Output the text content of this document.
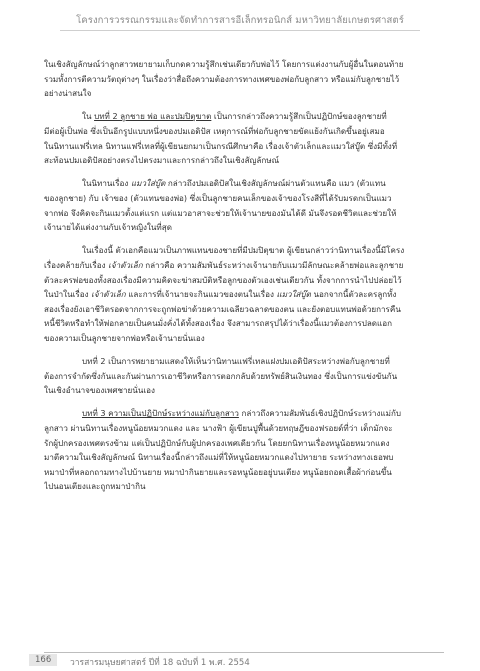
โครงการวรรณกรรมและจัดทำการสารอีเล็กทรอนิกส์ มหาวิทยาลัยเกษตรศาสตร์
ในเชิงสัญลักษณ์ว่าลูกสาวพยายามเก็บกดความรู้สึกเช่นเดียวกับพ่อไว้ โดยการแต่งงานกับผู้อื่นในตอนท้าย
รวมทั้งการตีความวัตถุต่างๆ ในเรื่องว่าสื่อถึงความต้องการทางเพศของพ่อกับลูกสาว หรือแม่กับลูกชายไว้
อย่างน่าสนใจ
ใน บทที่ 2 ลูกชาย พ่อ และปมปิตุฆาต เป็นการกล่าวถึงความรู้สึกเป็นปฏิปักษ์ของลูกชายที่
มีต่อผู้เป็นพ่อ ซึ่งเป็นอีกรูปแบบหนึ่งของปมเอดิปัส เหตุการณ์ที่พ่อกับลูกชายขัดแย้งกันเกิดขึ้นอยู่เสมอ
ในนิทานแฟรี่เทล นิทานแฟรี่เทลที่ผู้เขียนยกมาเป็นกรณีศึกษาคือ เรื่องเจ้าตัวเล็กและแมวใส่บู๊ต ซึ่งมีทั้งที่
สะท้อนปมเอดิปัสอย่างตรงไปตรงมาและการกล่าวถึงในเชิงสัญลักษณ์
ในนิทานเรื่อง แมวใส่บู๊ต กล่าวถึงปมเอดิปัสในเชิงสัญลักษณ์ผ่านตัวแทนคือ แมว (ตัวแทน
ของลูกชาย) กับ เจ้าของ (ตัวแทนของพ่อ) ซึ่งเป็นลูกชายคนเล็กของเจ้าของโรงสีที่ได้รับมรดกเป็นแมว
จากพ่อ จึงคิดจะกินแมวตั้งแต่แรก แต่แมวอาสาจะช่วยให้เจ้านายของมันได้ดี มันจึงรอดชีวิตและช่วยให้
เจ้านายได้แต่งงานกับเจ้าหญิงในที่สุด
ในเรื่องนี้ ตัวเอกคือแมวเป็นภาพแทนของชายที่มีปมปิตุฆาต ผู้เขียนกล่าวว่านิทานเรื่องนี้มีโครง
เรื่องคล้ายกับเรื่อง เจ้าตัวเล็ก กล่าวคือ ความสัมพันธ์ระหว่างเจ้านายกับแมวมีลักษณะคล้ายพ่อและลูกชาย
ตัวละครพ่อของทั้งสองเรื่องมีความคิดจะฆ่าสมบัติหรือลูกของตัวเองเช่นเดียวกัน ทั้งจากการนำไปปล่อยไว้
ในป่าในเรื่อง เจ้าตัวเล็ก และการที่เจ้านายจะกินแมวของตนในเรื่อง แมวใส่บู๊ต นอกจากนี้ตัวละครลูกทั้ง
สองเรื่องยังเอาชีวิตรอดจากการจะถูกพ่อฆ่าด้วยความเฉลียวฉลาดของตน และยังตอบแทนพ่อด้วยการคืน
หนี้ชีวิตหรือทำให้พ่อกลายเป็นคนมั่งคั่งได้ทั้งสองเรื่อง จึงสามารถสรุปได้ว่าเรื่องนี้แมวต้องการปลดแอก
ของความเป็นลูกชายจากพ่อหรือเจ้านายนั่นเอง
บทที่ 2 เป็นการพยายามแสดงให้เห็นว่านิทานแฟรี่เทลแฝงปมเอดิปัสระหว่างพ่อกับลูกชายที่
ต้องการจำกัดซึ่งกันและกันผ่านการเอาชีวิตหรือการตอกกลับด้วยทรัพย์สินเงินทอง ซึ่งเป็นการแข่งขันกัน
ในเชิงอำนาจของเพศชายนั่นเอง
บทที่ 3 ความเป็นปฏิปักษ์ระหว่างแม่กับลูกสาว กล่าวถึงความสัมพันธ์เชิงปฏิปักษ์ระหว่างแม่กับ
ลูกสาว ผ่านนิทานเรื่องหนูน้อยหมวกแดง และ นางฟ้า ผู้เขียนปูพื้นด้วยทฤษฎีของฟรอยด์ที่ว่า เด็กมักจะ
รักผู้ปกครองเพศตรงข้าม แต่เป็นปฏิปักษ์กับผู้ปกครองเพศเดียวกัน โดยยกนิทานเรื่องหนูน้อยหมวกแดง
มาตีความในเชิงสัญลักษณ์ นิทานเรื่องนี้กล่าวถึงแม่ที่ให้หนูน้อยหมวกแดงไปหายาย ระหว่างทางเธอพบ
หมาป่าที่หลอกถามทางไปบ้านยาย หมาป่ากินยายและรอหนูน้อยอยู่บนเตียง หนูน้อยถอดเสื้อผ้าก่อนขึ้น
ไปนอนเตียงและถูกหมาป่ากิน
166	วารสารมนุษยศาสตร์ ปีที่ 18 ฉบับที่ 1 พ.ศ. 2554
